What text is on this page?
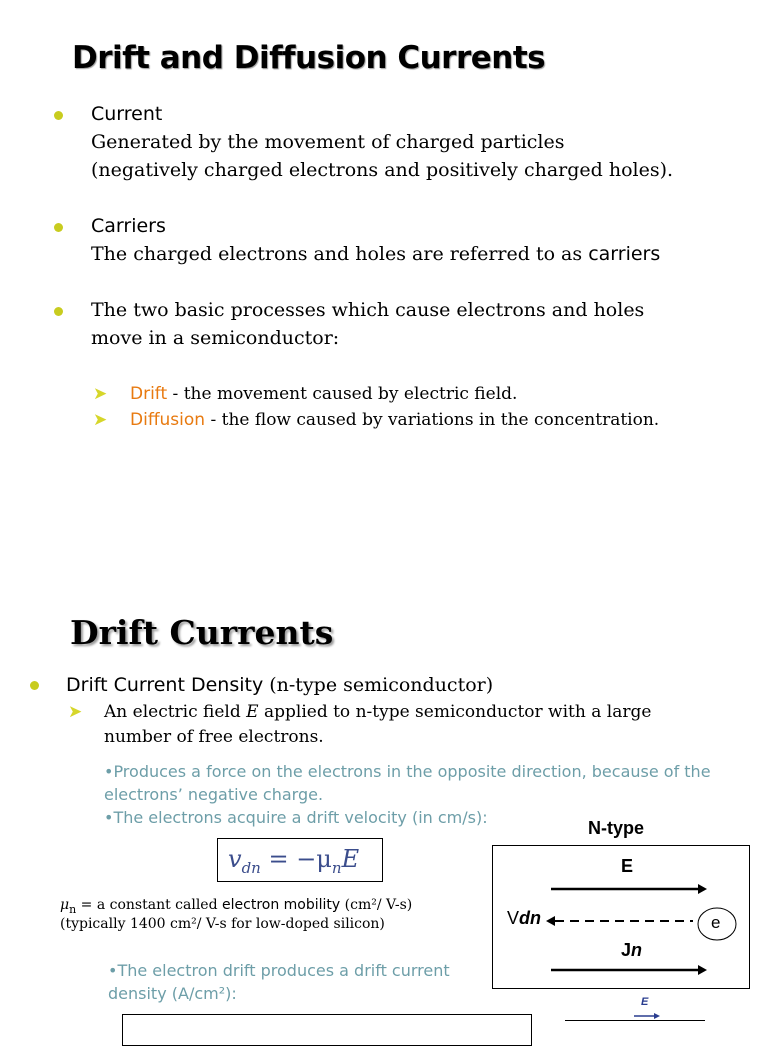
Drift and Diffusion Currents
Current
Generated by the movement of charged particles
(negatively charged electrons and positively charged holes).
Carriers
The charged electrons and holes are referred to as carriers
The two basic processes which cause electrons and holes
move in a semiconductor:
➤ Drift - the movement caused by electric field.
➤ Diffusion - the flow caused by variations in the concentration.
Drift Currents
Drift Current Density (n-type semiconductor)
➤ An electric field E applied to n-type semiconductor with a large
number of free electrons.
•Produces a force on the electrons in the opposite direction, because of the
electrons’ negative charge.
•The electrons acquire a drift velocity (in cm/s):
$v_{dn} = -\mu_nE$
$\mu_n = a$ constant called electron mobility (cm²/ V-s)
(typically 1400 cm²/ V-s for low-doped silicon)
•The electron drift produces a drift current
density (A/cm²):
N-type
E
Vdn	e
Jn
E
